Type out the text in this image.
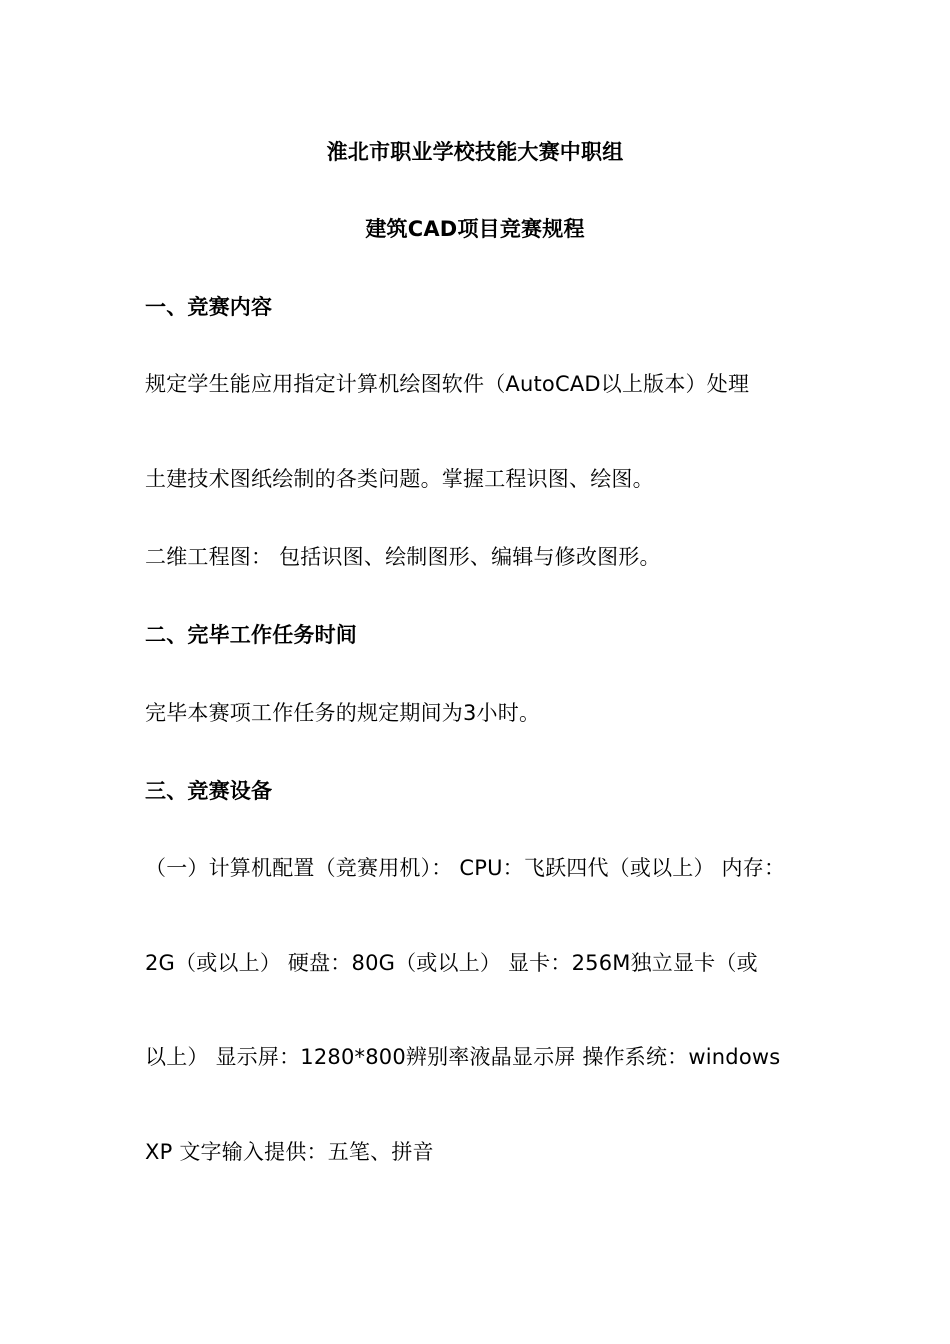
淮北市职业学校技能大赛中职组
建筑CAD项目竞赛规程
一、竞赛内容
规定学生能应用指定计算机绘图软件（AutoCAD以上版本）处理
土建技术图纸绘制的各类问题。掌握工程识图、绘图。
二维工程图： 包括识图、绘制图形、编辑与修改图形。
二、完毕工作任务时间
完毕本赛项工作任务的规定期间为3小时。
三、竞赛设备
（一）计算机配置（竞赛用机）： CPU：飞跃四代（或以上） 内存：
2G（或以上） 硬盘：80G（或以上） 显卡：256M独立显卡（或
以上） 显示屏：1280*800辨别率液晶显示屏 操作系统：windows
XP 文字输入提供：五笔、拼音
